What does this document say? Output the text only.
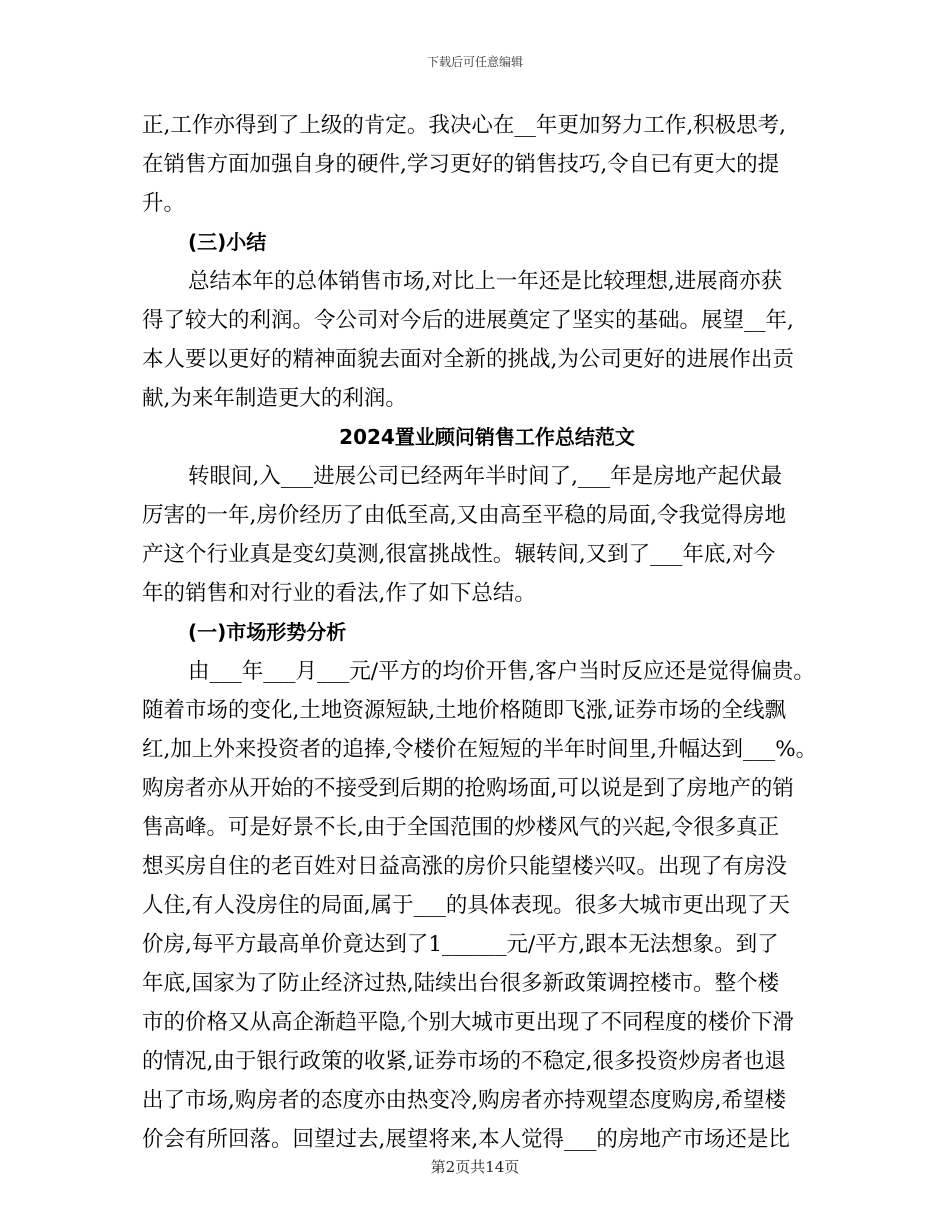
下载后可任意编辑
正,工作亦得到了上级的肯定。我决心在__年更加努力工作,积极思考,
在销售方面加强自身的硬件,学习更好的销售技巧,令自已有更大的提
升。
(三)小结
总结本年的总体销售市场,对比上一年还是比较理想,进展商亦获
得了较大的利润。令公司对今后的进展奠定了坚实的基础。展望__年,
本人要以更好的精神面貌去面对全新的挑战,为公司更好的进展作出贡
献,为来年制造更大的利润。
2024置业顾问销售工作总结范文
转眼间,入___进展公司已经两年半时间了,___年是房地产起伏最
厉害的一年,房价经历了由低至高,又由高至平稳的局面,令我觉得房地
产这个行业真是变幻莫测,很富挑战性。辗转间,又到了___年底,对今
年的销售和对行业的看法,作了如下总结。
(一)市场形势分析
由___年___月___元/平方的均价开售,客户当时反应还是觉得偏贵。
随着市场的变化,土地资源短缺,土地价格随即飞涨,证券市场的全线飘
红,加上外来投资者的追捧,令楼价在短短的半年时间里,升幅达到___%。
购房者亦从开始的不接受到后期的抢购场面,可以说是到了房地产的销
售高峰。可是好景不长,由于全国范围的炒楼风气的兴起,令很多真正
想买房自住的老百姓对日益高涨的房价只能望楼兴叹。出现了有房没
人住,有人没房住的局面,属于___的具体表现。很多大城市更出现了天
价房,每平方最高单价竟达到了1______元/平方,跟本无法想象。到了
年底,国家为了防止经济过热,陆续出台很多新政策调控楼市。整个楼
市的价格又从高企渐趋平隐,个别大城市更出现了不同程度的楼价下滑
的情况,由于银行政策的收紧,证券市场的不稳定,很多投资炒房者也退
出了市场,购房者的态度亦由热变冷,购房者亦持观望态度购房,希望楼
价会有所回落。回望过去,展望将来,本人觉得___的房地产市场还是比
第2页共14页
